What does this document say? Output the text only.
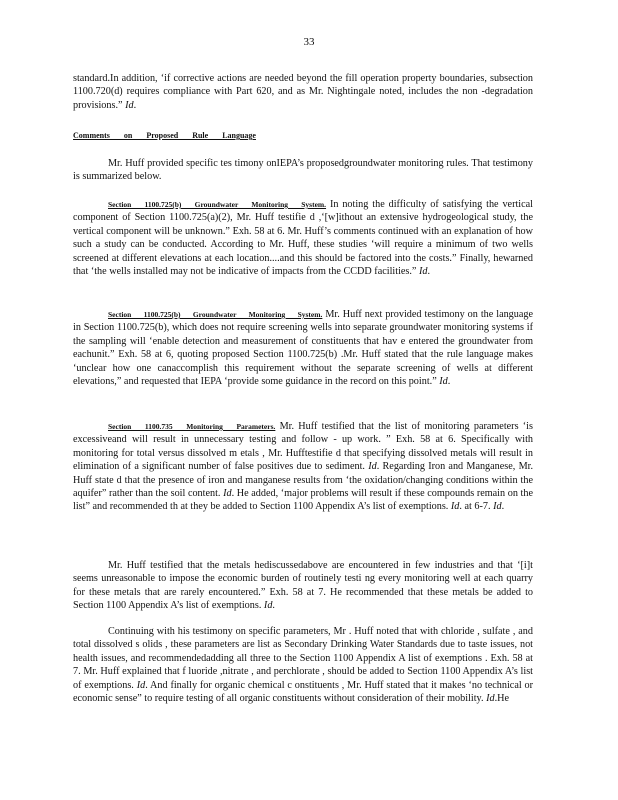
33

standard.In addition, ‘if corrective actions are needed beyond the fill operation property boundaries, subsection 1100.720(d) requires compliance with Part 620, and as Mr. Nightingale noted, includes the non -degradation provisions.” Id.

Comments on Proposed Rule Language

Mr. Huff provided specific tes timony onIEPA’s proposedgroundwater monitoring rules. That testimony is summarized below.

Section 1100.725(b) Groundwater Monitoring System. In noting the difficulty of satisfying the vertical component of Section 1100.725(a)(2), Mr. Huff testifie d ,‘[w]ithout an extensive hydrogeological study, the vertical component will be unknown.” Exh. 58 at 6. Mr. Huff’s comments continued with an explanation of how such a study can be conducted. According to Mr. Huff, these studies ‘will require a minimum of two wells screened at different elevations at each location....and this should be factored into the costs.” Finally, hewarned that ‘the wells installed may not be indicative of impacts from the CCDD facilities.” Id.

Section 1100.725(b) Groundwater Monitoring System. Mr. Huff next provided testimony on the language in Section 1100.725(b), which does not require screening wells into separate groundwater monitoring systems if the sampling will ‘enable detection and measurement of constituents that hav e entered the groundwater from eachunit.” Exh. 58 at 6, quoting proposed Section 1100.725(b) .Mr. Huff stated that the rule language makes ‘unclear how one canaccomplish this requirement without the separate screening of wells at different elevations,” and requested that IEPA ‘provide some guidance in the record on this point.” Id.

Section 1100.735 Monitoring Parameters. Mr. Huff testified that the list of monitoring parameters ‘is excessiveand will result in unnecessary testing and follow - up work. ” Exh. 58 at 6. Specifically with monitoring for total versus dissolved m etals , Mr. Hufftestifie d that specifying dissolved metals will result in elimination of a significant number of false positives due to sediment. Id. Regarding Iron and Manganese, Mr. Huff state d that the presence of iron and manganese results from ‘the oxidation/changing conditions within the aquifer” rather than the soil content. Id. He added, ‘major problems will result if these compounds remain on the list” and recommended th at they be added to Section 1100 Appendix A’s list of exemptions. Id. at 6-7. Id.

Mr. Huff testified that the metals hediscussedabove are encountered in few industries and that ‘[i]t seems unreasonable to impose the economic burden of routinely testi ng every monitoring well at each quarry for these metals that are rarely encountered.” Exh. 58 at 7. He recommended that these metals be added to Section 1100 Appendix A’s list of exemptions. Id.

Continuing with his testimony on specific parameters, Mr . Huff noted that with chloride , sulfate , and total dissolved s olids , these parameters are list as Secondary Drinking Water Standards due to taste issues, not health issues, and recommendedadding all three to the Section 1100 Appendix A list of exemptions . Exh. 58 at 7. Mr. Huff explained that f luoride ,nitrate , and perchlorate , should be added to Section 1100 Appendix A’s list of exemptions. Id. And finally for organic chemical c onstituents , Mr. Huff stated that it makes ‘no technical or economic sense” to require testing of all organic constituents without consideration of their mobility. Id.He
